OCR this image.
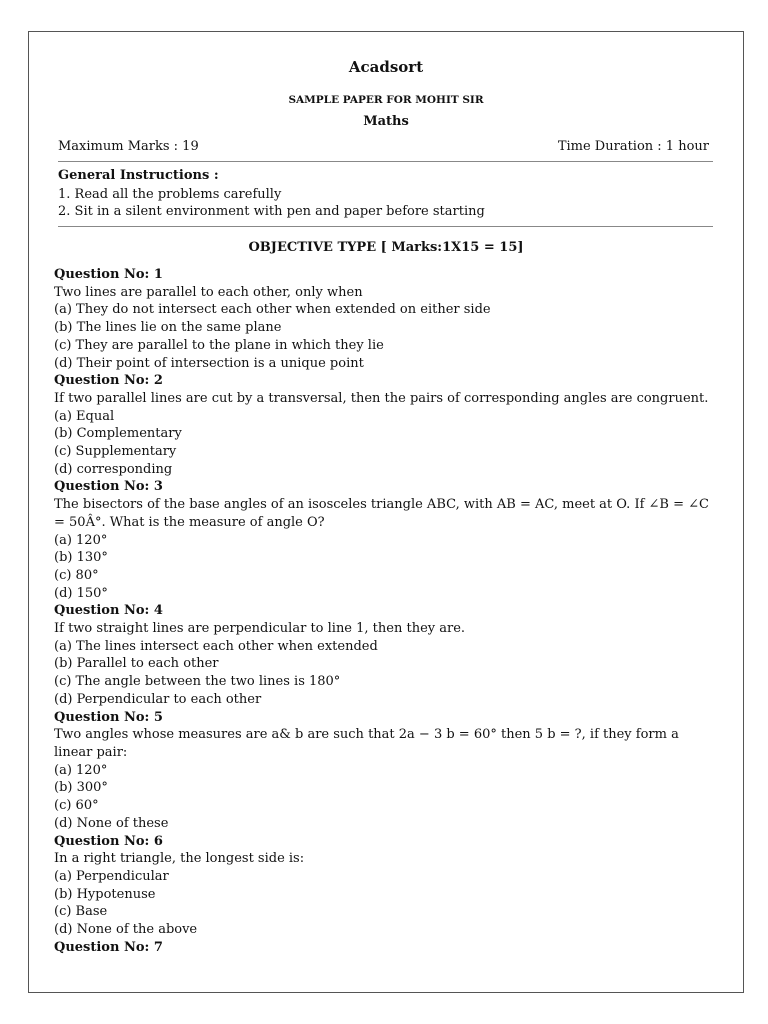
Acadsort
SAMPLE PAPER FOR MOHIT SIR
Maths
Maximum Marks : 19	Time Duration : 1 hour
General Instructions :
1. Read all the problems carefully
2. Sit in a silent environment with pen and paper before starting
OBJECTIVE TYPE [ Marks:1X15 = 15]
Question No: 1
Two lines are parallel to each other, only when
(a) They do not intersect each other when extended on either side
(b) The lines lie on the same plane
(c) They are parallel to the plane in which they lie
(d) Their point of intersection is a unique point
Question No: 2
If two parallel lines are cut by a transversal, then the pairs of corresponding angles are congruent.
(a) Equal
(b) Complementary
(c) Supplementary
(d) corresponding
Question No: 3
The bisectors of the base angles of an isosceles triangle ABC, with AB = AC, meet at O. If ∠B = ∠C = 50Â°. What is the measure of angle O?
(a) 120°
(b) 130°
(c) 80°
(d) 150°
Question No: 4
If two straight lines are perpendicular to line 1, then they are.
(a) The lines intersect each other when extended
(b) Parallel to each other
(c) The angle between the two lines is 180°
(d) Perpendicular to each other
Question No: 5
Two angles whose measures are a& b are such that 2a − 3 b = 60° then 5 b = ?, if they form a linear pair:
(a) 120°
(b) 300°
(c) 60°
(d) None of these
Question No: 6
In a right triangle, the longest side is:
(a) Perpendicular
(b) Hypotenuse
(c) Base
(d) None of the above
Question No: 7
